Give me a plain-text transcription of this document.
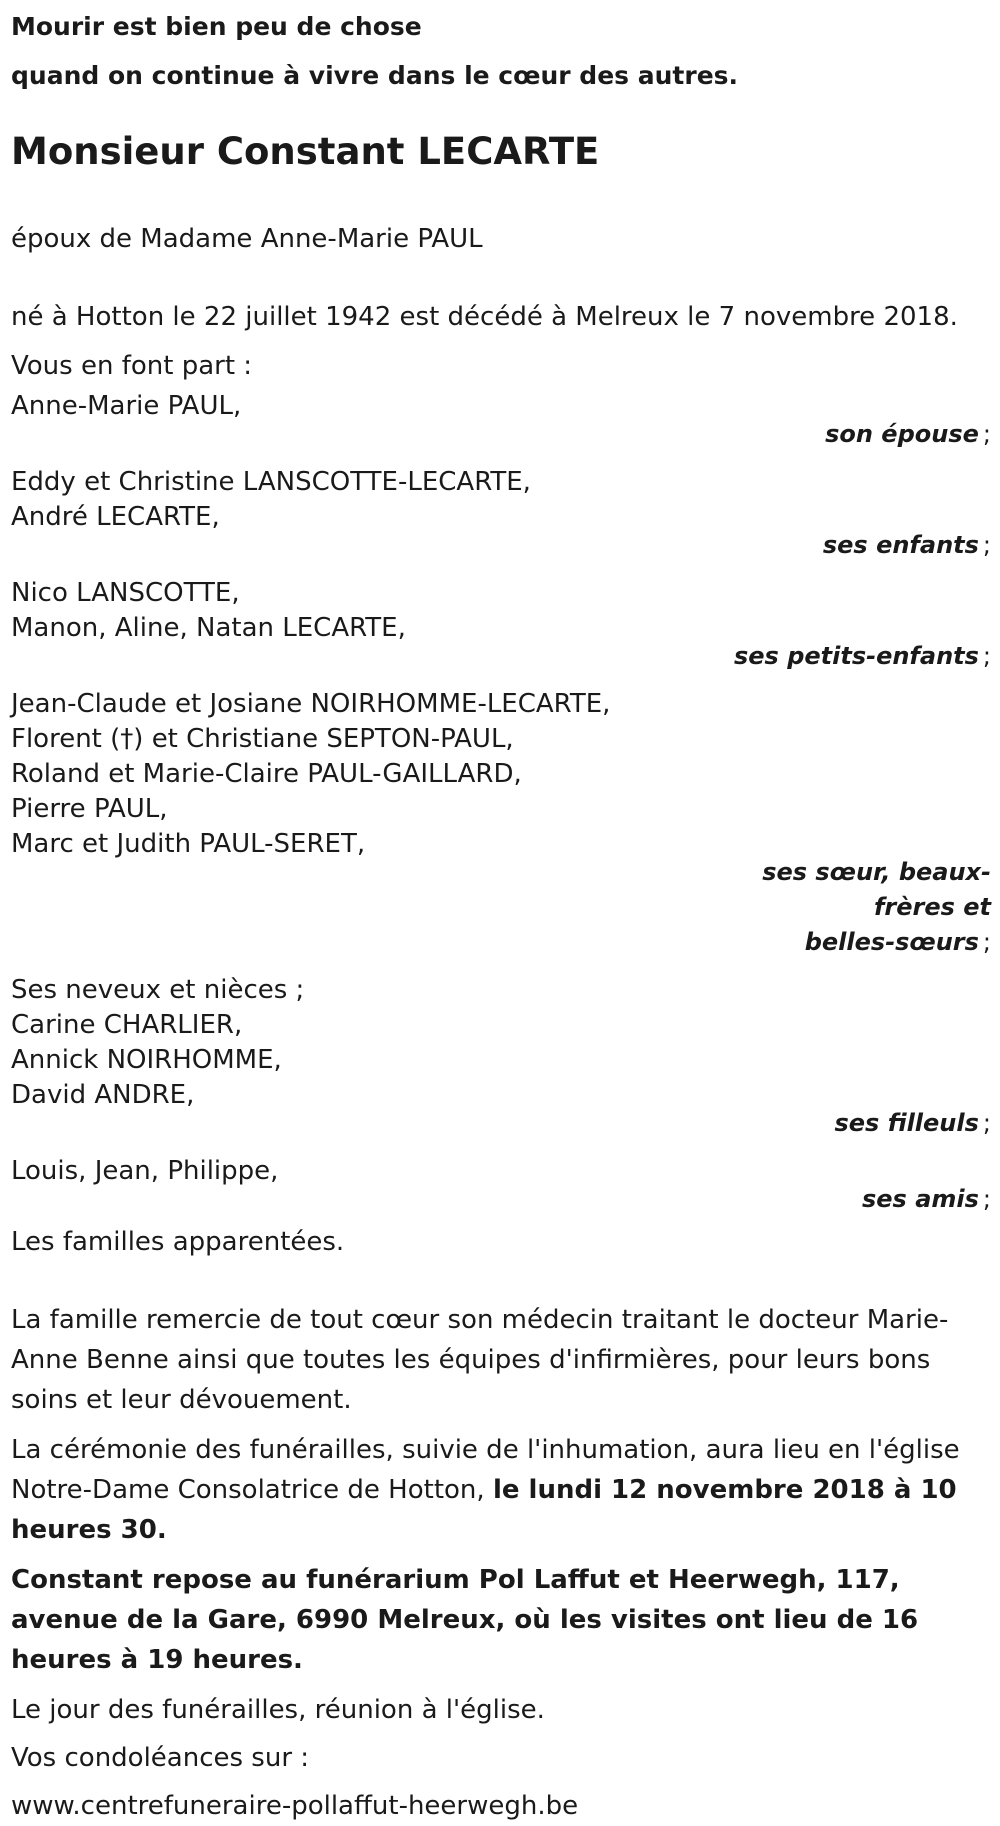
Mourir est bien peu de chose
quand on continue à vivre dans le cœur des autres.
Monsieur Constant LECARTE
époux de Madame Anne-Marie PAUL
né à Hotton le 22 juillet 1942 est décédé à Melreux le 7 novembre 2018.
Vous en font part :
Anne-Marie PAUL,
son épouse ;
Eddy et Christine LANSCOTTE-LECARTE,
André LECARTE,
ses enfants ;
Nico LANSCOTTE,
Manon, Aline, Natan LECARTE,
ses petits-enfants ;
Jean-Claude et Josiane NOIRHOMME-LECARTE,
Florent (†) et Christiane SEPTON-PAUL,
Roland et Marie-Claire PAUL-GAILLARD,
Pierre PAUL,
Marc et Judith PAUL-SERET,
ses sœur, beaux-
frères et
belles-sœurs ;
Ses neveux et nièces ;
Carine CHARLIER,
Annick NOIRHOMME,
David ANDRE,
ses filleuls ;
Louis, Jean, Philippe,
ses amis ;
Les familles apparentées.
La famille remercie de tout cœur son médecin traitant le docteur Marie-Anne Benne ainsi que toutes les équipes d'infirmières, pour leurs bons soins et leur dévouement.
La cérémonie des funérailles, suivie de l'inhumation, aura lieu en l'église Notre-Dame Consolatrice de Hotton, le lundi 12 novembre 2018 à 10 heures 30.
Constant repose au funérarium Pol Laffut et Heerwegh, 117, avenue de la Gare, 6990 Melreux, où les visites ont lieu de 16 heures à 19 heures.
Le jour des funérailles, réunion à l'église.
Vos condoléances sur :
www.centrefuneraire-pollaffut-heerwegh.be
